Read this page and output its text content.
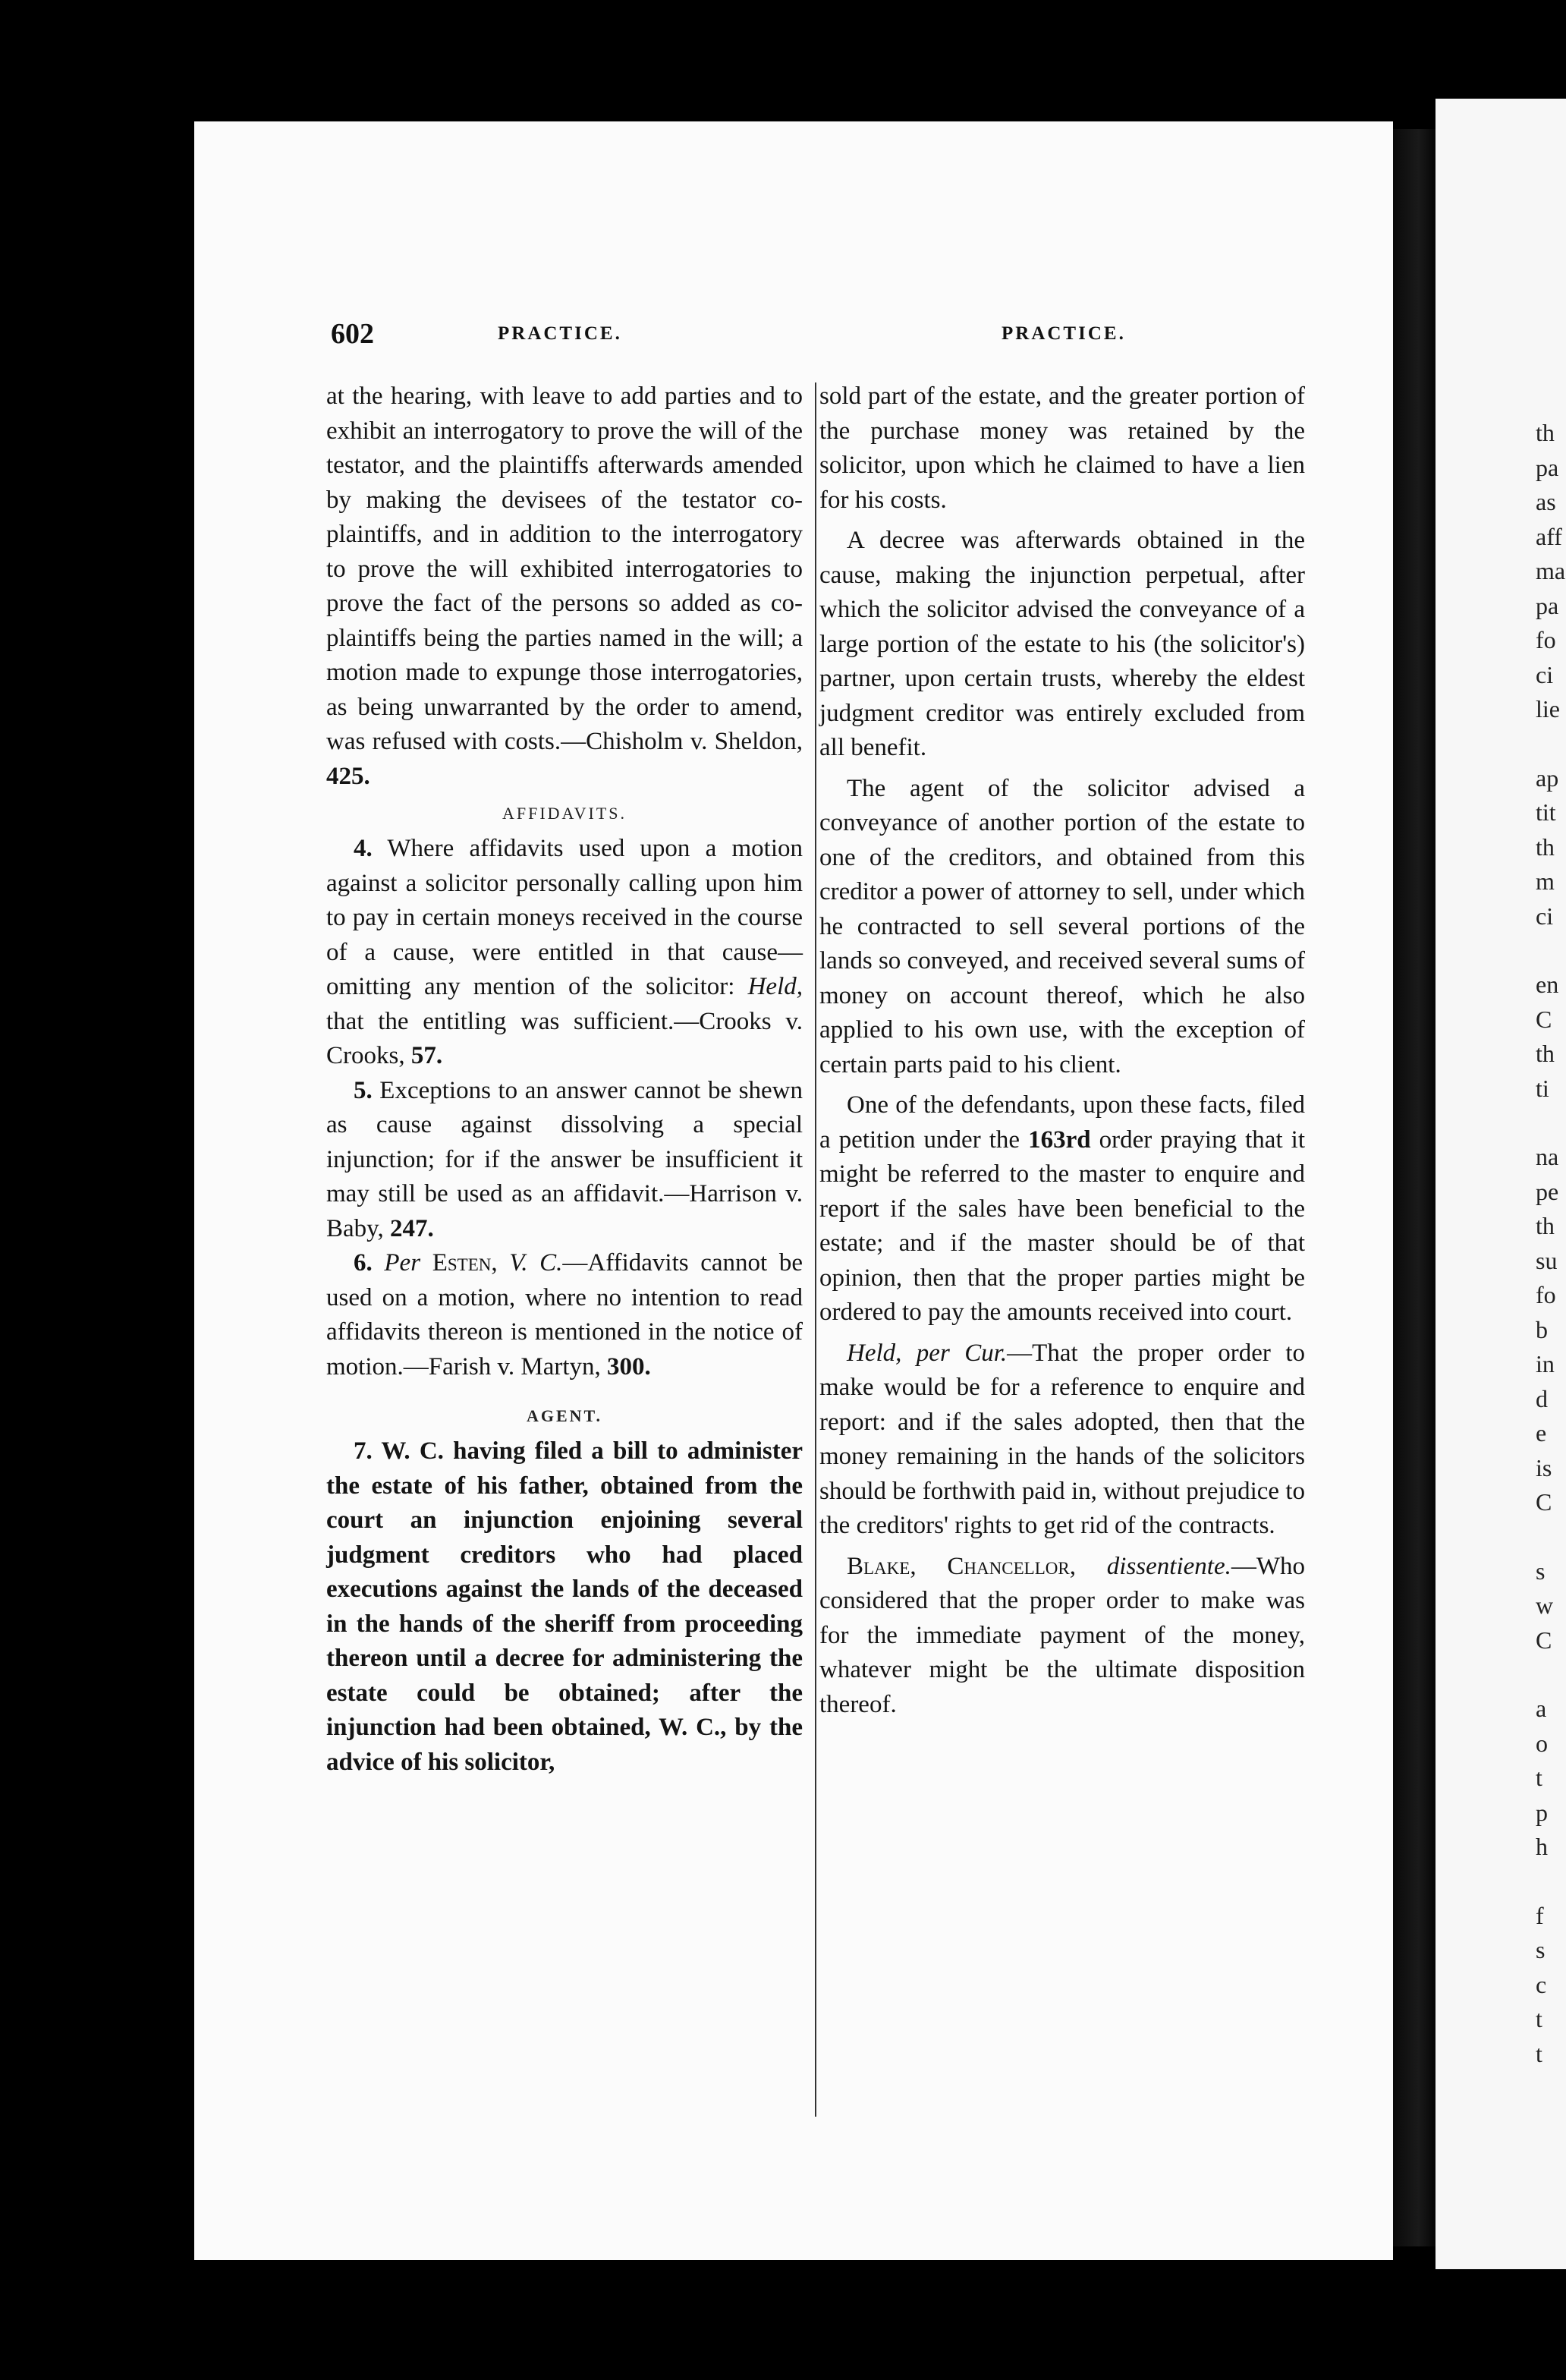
602	PRACTICE.	PRACTICE.

at the hearing, with leave to add parties and to exhibit an interrogatory to prove the will of the testator, and the plaintiffs afterwards amended by making the devisees of the testator co-plaintiffs, and in addition to the interrogatory to prove the will exhibited interrogatories to prove the fact of the persons so added as co-plaintiffs being the parties named in the will; a motion made to expunge those interrogatories, as being unwarranted by the order to amend, was refused with costs.—Chisholm v. Sheldon, 425.

AFFIDAVITS.

4. Where affidavits used upon a motion against a solicitor personally calling upon him to pay in certain moneys received in the course of a cause, were entitled in that cause—omitting any mention of the solicitor: Held, that the entitling was sufficient.—Crooks v. Crooks, 57.

5. Exceptions to an answer cannot be shewn as cause against dissolving a special injunction; for if the answer be insufficient it may still be used as an affidavit.—Harrison v. Baby, 247.

6. Per Esten, V. C.—Affidavits cannot be used on a motion, where no intention to read affidavits thereon is mentioned in the notice of motion.—Farish v. Martyn, 300.

AGENT.

7. W. C. having filed a bill to administer the estate of his father, obtained from the court an injunction enjoining several judgment creditors who had placed executions against the lands of the deceased in the hands of the sheriff from proceeding thereon until a decree for administering the estate could be obtained; after the injunction had been obtained, W. C., by the advice of his solicitor,

sold part of the estate, and the greater portion of the purchase money was retained by the solicitor, upon which he claimed to have a lien for his costs.

A decree was afterwards obtained in the cause, making the injunction perpetual, after which the solicitor advised the conveyance of a large portion of the estate to his (the solicitor's) partner, upon certain trusts, whereby the eldest judgment creditor was entirely excluded from all benefit.

The agent of the solicitor advised a conveyance of another portion of the estate to one of the creditors, and obtained from this creditor a power of attorney to sell, under which he contracted to sell several portions of the lands so conveyed, and received several sums of money on account thereof, which he also applied to his own use, with the exception of certain parts paid to his client.

One of the defendants, upon these facts, filed a petition under the 163rd order praying that it might be referred to the master to enquire and report if the sales have been beneficial to the estate; and if the master should be of that opinion, then that the proper parties might be ordered to pay the amounts received into court.

Held, per Cur.—That the proper order to make would be for a reference to enquire and report: and if the sales adopted, then that the money remaining in the hands of the solicitors should be forthwith paid in, without prejudice to the creditors' rights to get rid of the contracts.

Blake, Chancellor, dissentiente.—Who considered that the proper order to make was for the immediate payment of the money, whatever might be the ultimate disposition thereof.

th
pa
as
aff
ma
pa
fo
ci
lie
ap
tit
th
m
ci
en
C
th
ti
na
pe
th
su
fo
b
in
d
e
is
C
s
w
C
a
o
t
p
h
f
s
c
t
t
